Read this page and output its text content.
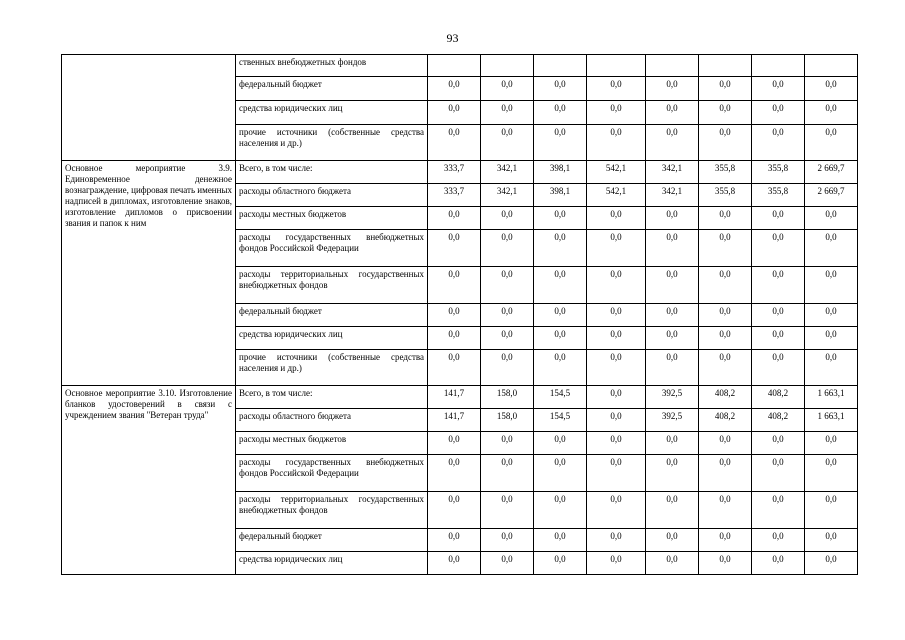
93
	ственных внебюджетных фондов								
	федеральный бюджет	0,0	0,0	0,0	0,0	0,0	0,0	0,0	0,0
	средства юридических лиц	0,0	0,0	0,0	0,0	0,0	0,0	0,0	0,0
	прочие источники (собственные средства населения и др.)	0,0	0,0	0,0	0,0	0,0	0,0	0,0	0,0
Основное мероприятие 3.9. Единовременное денежное вознаграждение, цифровая печать именных надписей в дипломах, изготовление знаков, изготовление дипломов о присвоении звания и папок к ним	Всего, в том числе:	333,7	342,1	398,1	542,1	342,1	355,8	355,8	2 669,7
	расходы областного бюджета	333,7	342,1	398,1	542,1	342,1	355,8	355,8	2 669,7
	расходы местных бюджетов	0,0	0,0	0,0	0,0	0,0	0,0	0,0	0,0
	расходы государственных внебюджетных фондов Российской Федерации	0,0	0,0	0,0	0,0	0,0	0,0	0,0	0,0
	расходы территориальных государственных внебюджетных фондов	0,0	0,0	0,0	0,0	0,0	0,0	0,0	0,0
	федеральный бюджет	0,0	0,0	0,0	0,0	0,0	0,0	0,0	0,0
	средства юридических лиц	0,0	0,0	0,0	0,0	0,0	0,0	0,0	0,0
	прочие источники (собственные средства населения и др.)	0,0	0,0	0,0	0,0	0,0	0,0	0,0	0,0
Основное мероприятие 3.10. Изготовление бланков удостоверений в связи с учреждением звания "Ветеран труда"	Всего, в том числе:	141,7	158,0	154,5	0,0	392,5	408,2	408,2	1 663,1
	расходы областного бюджета	141,7	158,0	154,5	0,0	392,5	408,2	408,2	1 663,1
	расходы местных бюджетов	0,0	0,0	0,0	0,0	0,0	0,0	0,0	0,0
	расходы государственных внебюджетных фондов Российской Федерации	0,0	0,0	0,0	0,0	0,0	0,0	0,0	0,0
	расходы территориальных государственных внебюджетных фондов	0,0	0,0	0,0	0,0	0,0	0,0	0,0	0,0
	федеральный бюджет	0,0	0,0	0,0	0,0	0,0	0,0	0,0	0,0
	средства юридических лиц	0,0	0,0	0,0	0,0	0,0	0,0	0,0	0,0
